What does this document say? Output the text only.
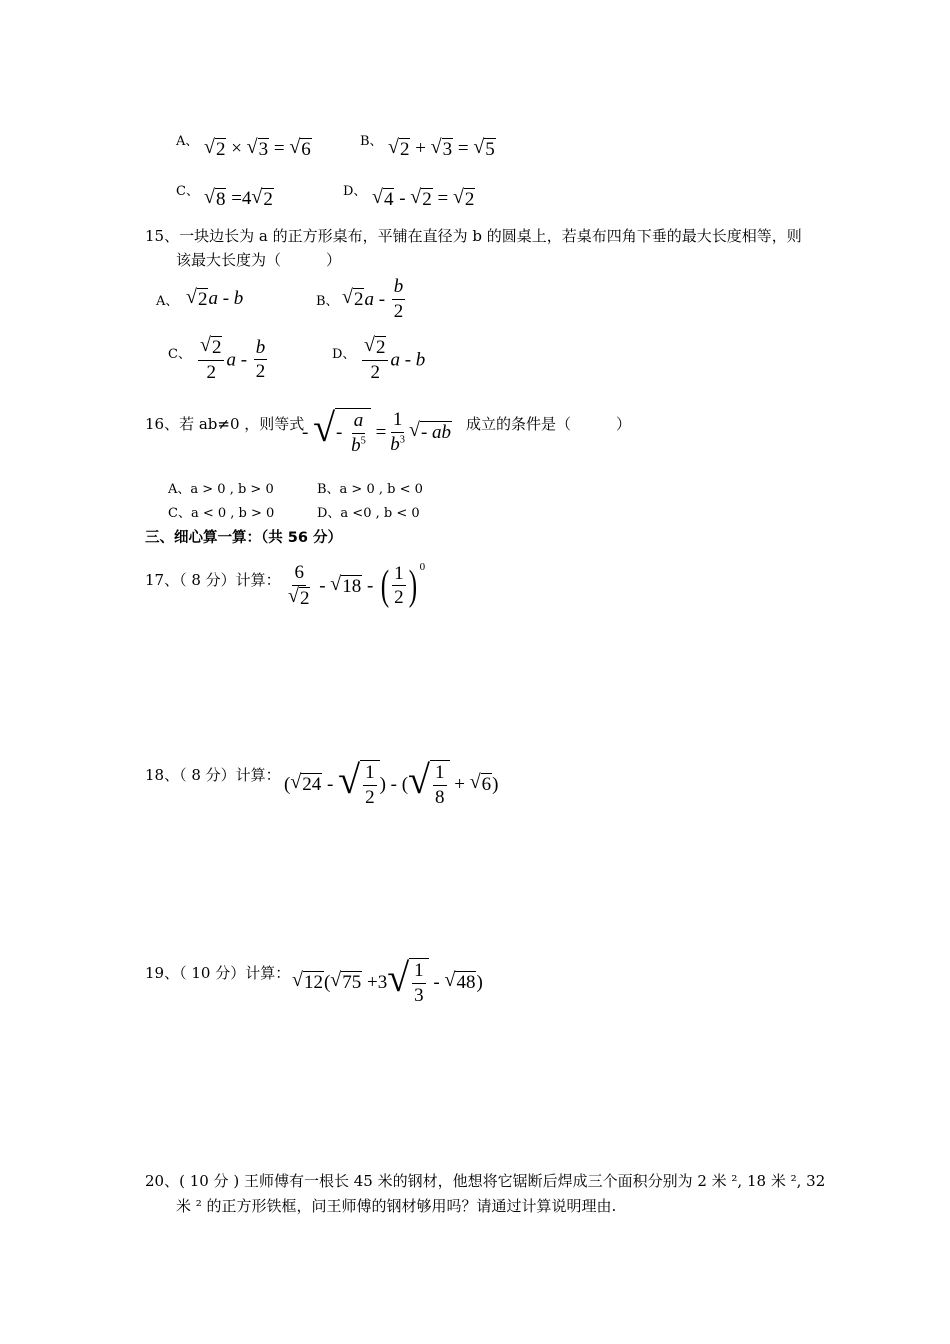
A、 √ 2 × √ 3 = √ 6	B、 √ 2 + √ 3 = √ 5
C、 √ 8 =4 √ 2	D、 √ 4 - √ 2 = √ 2
15、一块边长为 a 的正方形桌布，平铺在直径为 b 的圆桌上，若桌布四角下垂的最大长度相等，则
该最大长度为（　　　）
A、 √ 2 a - b	B、 √ 2 a - $\frac{b}{2}$
C、 $\frac{√ 2}{2}$ a - $\frac{b}{2}$	D、 $\frac{√ 2}{2}$ a - b
16、若 ab≠0 ，则等式
- √ -
$\frac{a}{b^5} = \frac{1}{b^3}$ √ - ab 成立的条件是（　　　）
A、a > 0 , b > 0	B、a > 0 , b < 0
C、a < 0 , b > 0	D、a <0 , b < 0
三、细心算一算：（共 56 分）
17、（ 8 分）计算： $\frac{6}{√ 2}$ - √ 18 - ( $\frac{1}{2}$ ) $^0$
18、（ 8 分）计算： ( √ 24 - √ $\frac{1}{2}$ ) - ( √ $\frac{1}{8}$ + √ 6 )
19、（ 10 分）计算： √ 12 ( √ 75 +3 √ $\frac{1}{3}$ - √ 48 )
20、( 10 分 ) 王师傅有一根长 45 米的钢材，他想将它锯断后焊成三个面积分别为 2 米 ², 18 米 ², 32
米 ² 的正方形铁框，问王师傅的钢材够用吗？请通过计算说明理由.
